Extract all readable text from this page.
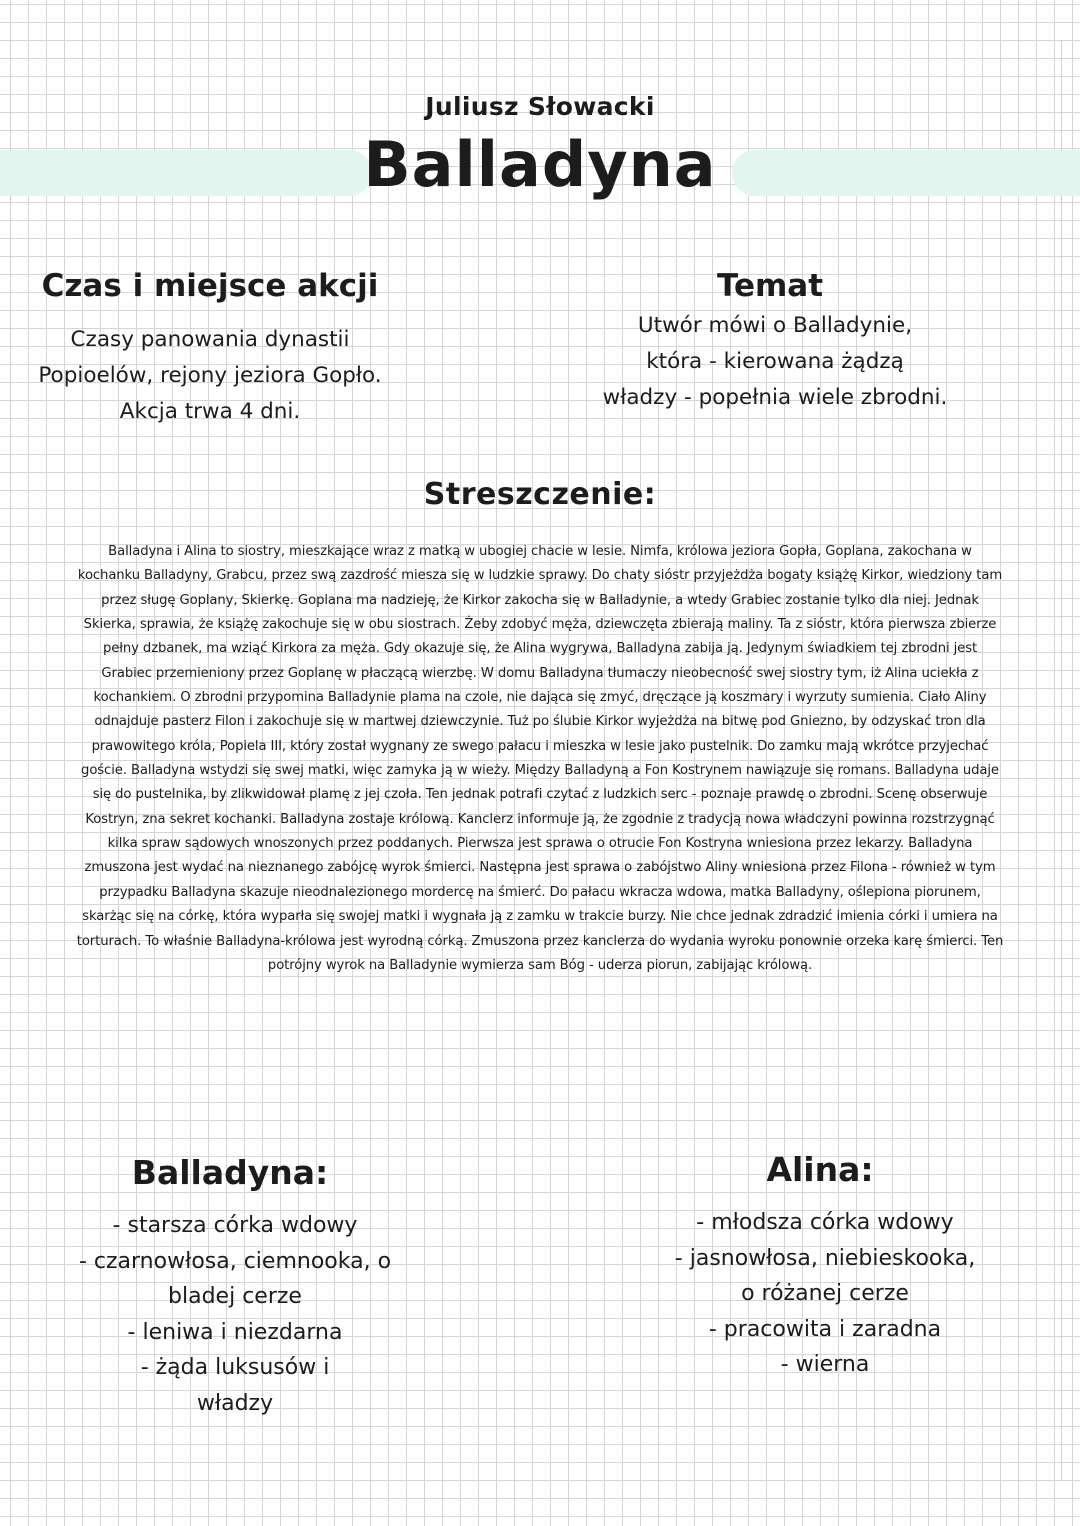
Juliusz Słowacki
Balladyna
Czas i miejsce akcji
Czasy panowania dynastii
Popioelów, rejony jeziora Gopło.
Akcja trwa 4 dni.
Temat
Utwór mówi o Balladynie,
która - kierowana żądzą
władzy - popełnia wiele zbrodni.
Streszczenie:
Balladyna i Alina to siostry, mieszkające wraz z matką w ubogiej chacie w lesie. Nimfa, królowa jeziora Gopła, Goplana, zakochana w kochanku Balladyny, Grabcu, przez swą zazdrość miesza się w ludzkie sprawy. Do chaty sióstr przyjeżdża bogaty książę Kirkor, wiedziony tam przez sługę Goplany, Skierkę. Goplana ma nadzieję, że Kirkor zakocha się w Balladynie, a wtedy Grabiec zostanie tylko dla niej. Jednak Skierka, sprawia, że książę zakochuje się w obu siostrach. Żeby zdobyć męża, dziewczęta zbierają maliny. Ta z sióstr, która pierwsza zbierze pełny dzbanek, ma wziąć Kirkora za męża. Gdy okazuje się, że Alina wygrywa, Balladyna zabija ją. Jedynym świadkiem tej zbrodni jest Grabiec przemieniony przez Goplanę w płaczącą wierzbę. W domu Balladyna tłumaczy nieobecność swej siostry tym, iż Alina uciekła z kochankiem. O zbrodni przypomina Balladynie plama na czole, nie dająca się zmyć, dręczące ją koszmary i wyrzuty sumienia. Ciało Aliny odnajduje pasterz Filon i zakochuje się w martwej dziewczynie. Tuż po ślubie Kirkor wyjeżdża na bitwę pod Gniezno, by odzyskać tron dla prawowitego króla, Popiela III, który został wygnany ze swego pałacu i mieszka w lesie jako pustelnik. Do zamku mają wkrótce przyjechać goście. Balladyna wstydzi się swej matki, więc zamyka ją w wieży. Między Balladyną a Fon Kostrynem nawiązuje się romans. Balladyna udaje się do pustelnika, by zlikwidował plamę z jej czoła. Ten jednak potrafi czytać z ludzkich serc - poznaje prawdę o zbrodni. Scenę obserwuje Kostryn, zna sekret kochanki. Balladyna zostaje królową. Kanclerz informuje ją, że zgodnie z tradycją nowa władczyni powinna rozstrzygnąć kilka spraw sądowych wnoszonych przez poddanych. Pierwsza jest sprawa o otrucie Fon Kostryna wniesiona przez lekarzy. Balladyna zmuszona jest wydać na nieznanego zabójcę wyrok śmierci. Następna jest sprawa o zabójstwo Aliny wniesiona przez Filona - również w tym przypadku Balladyna skazuje nieodnalezionego mordercę na śmierć. Do pałacu wkracza wdowa, matka Balladyny, oślepiona piorunem, skarżąc się na córkę, która wyparła się swojej matki i wygnała ją z zamku w trakcie burzy. Nie chce jednak zdradzić imienia córki i umiera na torturach. To właśnie Balladyna-królowa jest wyrodną córką. Zmuszona przez kanclerza do wydania wyroku ponownie orzeka karę śmierci. Ten potrójny wyrok na Balladynie wymierza sam Bóg - uderza piorun, zabijając królową.
Balladyna:
- starsza córka wdowy
- czarnowłosa, ciemnooka, o
bladej cerze
- leniwa i niezdarna
- żąda luksusów i
władzy
Alina:
- młodsza córka wdowy
- jasnowłosa, niebieskooka,
o różanej cerze
- pracowita i zaradna
- wierna
